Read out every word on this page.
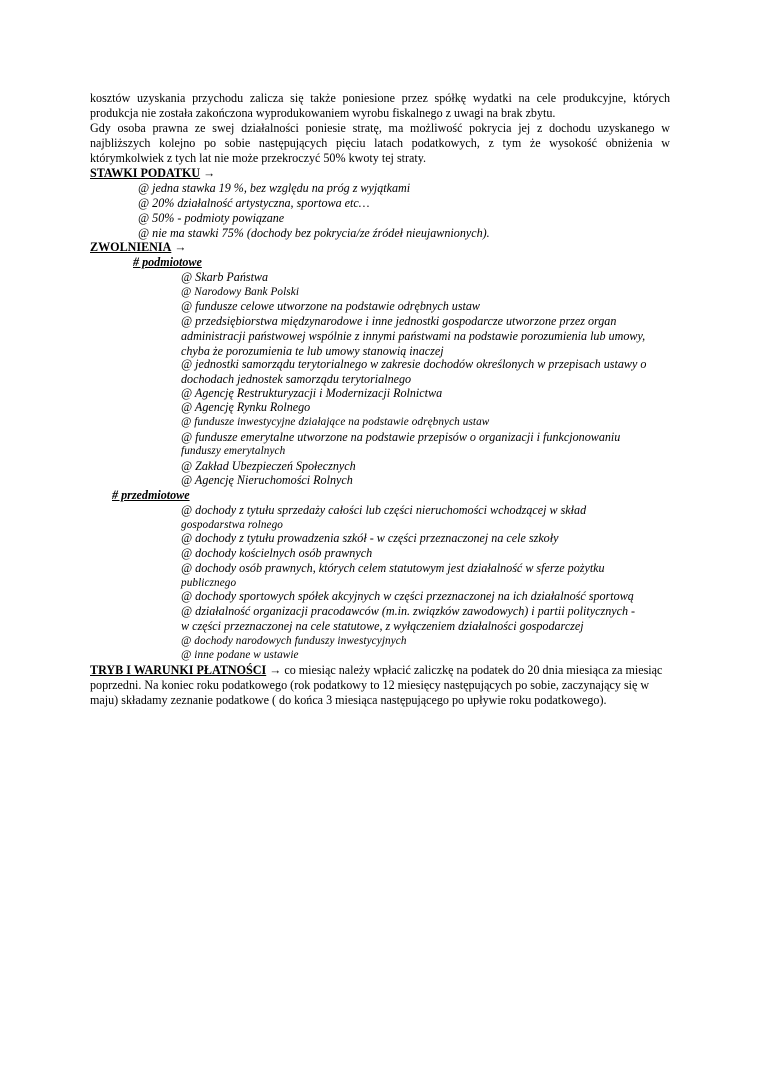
kosztów uzyskania przychodu zalicza się także poniesione przez spółkę wydatki na cele produkcyjne, których produkcja nie została zakończona wyprodukowaniem wyrobu fiskalnego z uwagi na brak zbytu.
Gdy osoba prawna ze swej działalności poniesie stratę, ma możliwość pokrycia jej z dochodu uzyskanego w najbliższych kolejno po sobie następujących pięciu latach podatkowych, z tym że wysokość obniżenia w którymkolwiek z tych lat nie może przekroczyć 50% kwoty tej straty.
STAWKI PODATKU →
@ jedna stawka 19 %, bez względu na próg z wyjątkami
@ 20% działalność artystyczna, sportowa etc…
@ 50% - podmioty powiązane
@ nie ma stawki 75% (dochody bez pokrycia/ze źródeł nieujawnionych).
ZWOLNIENIA →
# podmiotowe
@ Skarb Państwa
@ Narodowy Bank Polski
@ fundusze celowe utworzone na podstawie odrębnych ustaw
@ przedsiębiorstwa międzynarodowe i inne jednostki gospodarcze utworzone przez organ administracji państwowej wspólnie z innymi państwami na podstawie porozumienia lub umowy, chyba że porozumienia te lub umowy stanowią inaczej
@ jednostki samorządu terytorialnego w zakresie dochodów określonych w przepisach ustawy o dochodach jednostek samorządu terytorialnego
@ Agencję Restrukturyzacji i Modernizacji Rolnictwa
@ Agencję Rynku Rolnego
@ fundusze inwestycyjne działające na podstawie odrębnych ustaw
@ fundusze emerytalne utworzone na podstawie przepisów o organizacji i funkcjonowaniu
funduszy emerytalnych
@ Zakład Ubezpieczeń Społecznych
@ Agencję Nieruchomości Rolnych
# przedmiotowe
@ dochody z tytułu sprzedaży całości lub części nieruchomości wchodzącej w skład
gospodarstwa rolnego
@ dochody z tytułu prowadzenia szkół - w części przeznaczonej na cele szkoły
@ dochody kościelnych osób prawnych
@ dochody osób prawnych, których celem statutowym jest działalność w sferze pożytku
publicznego
@ dochody sportowych spółek akcyjnych w części przeznaczonej na ich działalność sportową
@ działalność organizacji pracodawców (m.in. związków zawodowych) i partii politycznych -
w części przeznaczonej na cele statutowe, z wyłączeniem działalności gospodarczej
@ dochody narodowych funduszy inwestycyjnych
@ inne podane w ustawie
TRYB I WARUNKI PŁATNOŚCI → co miesiąc należy wpłacić zaliczkę na podatek do 20 dnia miesiąca za miesiąc poprzedni. Na koniec roku podatkowego (rok podatkowy to 12 miesięcy następujących po sobie, zaczynający się w maju) składamy zeznanie podatkowe ( do końca 3 miesiąca następującego po upływie roku podatkowego).
